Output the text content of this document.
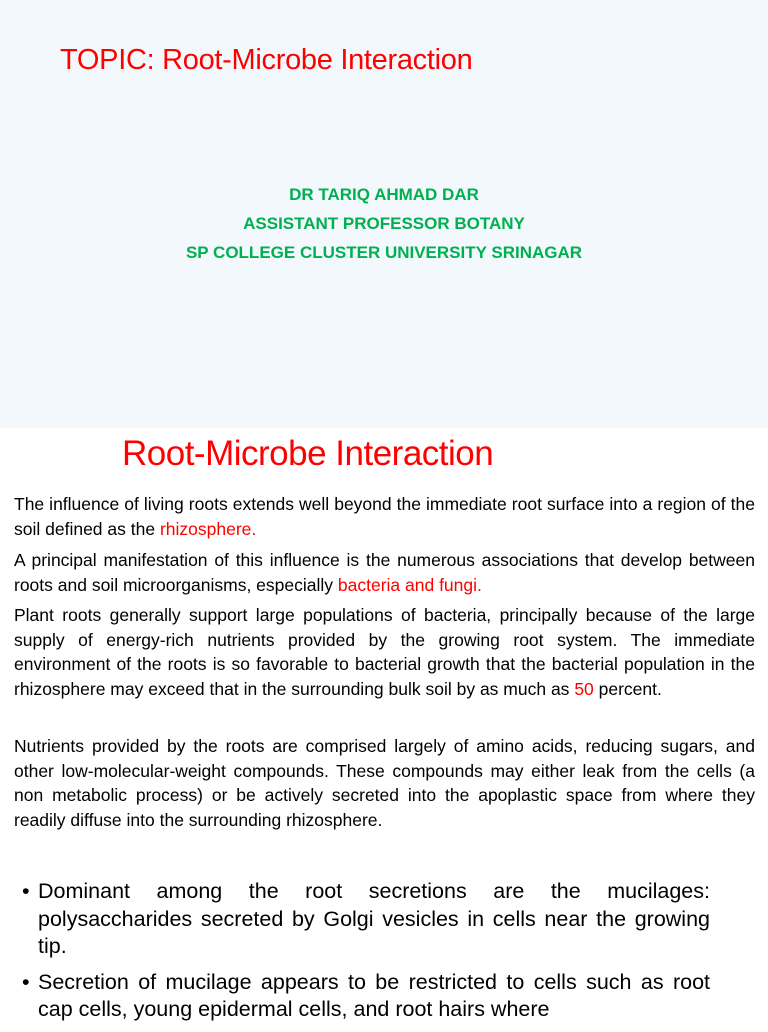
TOPIC: Root-Microbe Interaction
DR TARIQ AHMAD DAR
ASSISTANT PROFESSOR BOTANY
SP COLLEGE CLUSTER UNIVERSITY SRINAGAR
Root-Microbe Interaction

The influence of living roots extends well beyond the immediate root surface into a region of the soil defined as the rhizosphere.

A principal manifestation of this influence is the numerous associations that develop between roots and soil microorganisms, especially bacteria and fungi.

Plant roots generally support large populations of bacteria, principally because of the large supply of energy-rich nutrients provided by the growing root system. The immediate environment of the roots is so favorable to bacterial growth that the bacterial population in the rhizosphere may exceed that in the surrounding bulk soil by as much as 50 percent.

Nutrients provided by the roots are comprised largely of amino acids, reducing sugars, and other low-molecular-weight compounds. These compounds may either leak from the cells (a non metabolic process) or be actively secreted into the apoplastic space from where they readily diffuse into the surrounding rhizosphere.

• Dominant among the root secretions are the mucilages: polysaccharides secreted by Golgi vesicles in cells near the growing tip.
• Secretion of mucilage appears to be restricted to cells such as root cap cells, young epidermal cells, and root hairs where
